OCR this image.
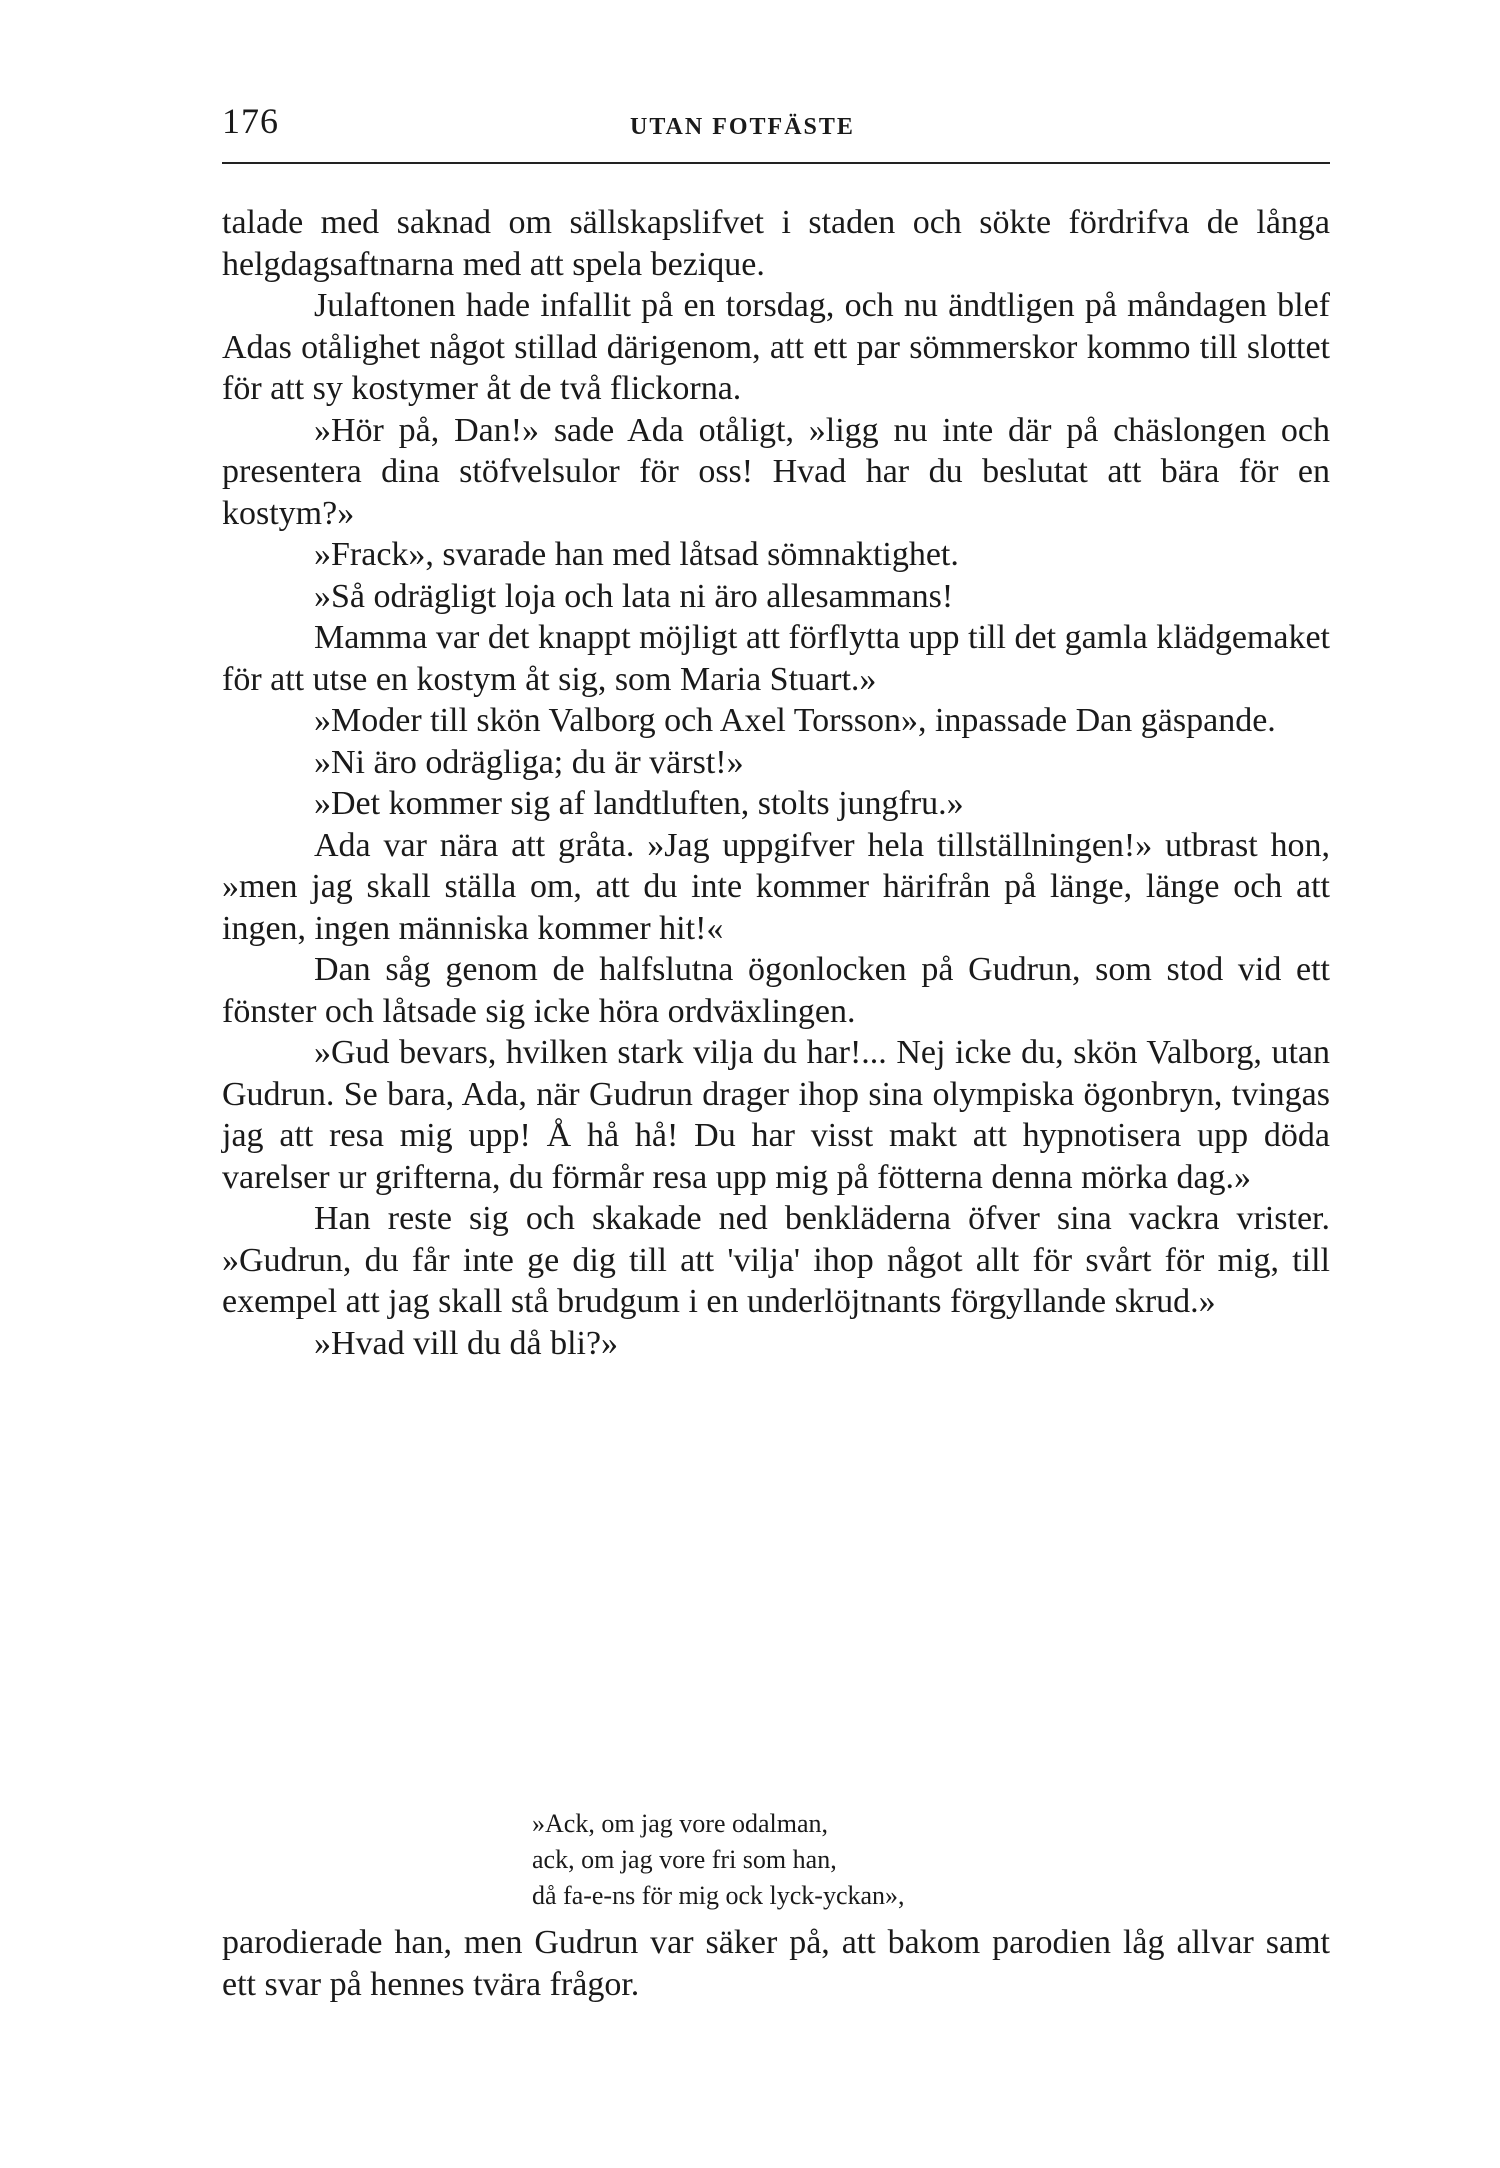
176	UTAN FOTFÄSTE

talade med saknad om sällskapslifvet i staden och sökte fördrifva de långa helgdagsaftnarna med att spela bezique.

Julaftonen hade infallit på en torsdag, och nu ändtligen på måndagen blef Adas otålighet något stillad därigenom, att ett par sömmerskor kommo till slottet för att sy kostymer åt de två flickorna.

»Hör på, Dan!» sade Ada otåligt, »ligg nu inte där på chäslongen och presentera dina stöfvelsulor för oss! Hvad har du beslutat att bära för en kostym?»

»Frack», svarade han med låtsad sömnaktighet.

»Så odrägligt loja och lata ni äro allesammans!

Mamma var det knappt möjligt att förflytta upp till det gamla klädgemaket för att utse en kostym åt sig, som Maria Stuart.»

»Moder till skön Valborg och Axel Torsson», inpassade Dan gäspande.

»Ni äro odrägliga; du är värst!»

»Det kommer sig af landtluften, stolts jungfru.»

Ada var nära att gråta. »Jag uppgifver hela tillställningen!» utbrast hon, »men jag skall ställa om, att du inte kommer härifrån på länge, länge och att ingen, ingen människa kommer hit!«

Dan såg genom de halfslutna ögonlocken på Gudrun, som stod vid ett fönster och låtsade sig icke höra ordväxlingen.

»Gud bevars, hvilken stark vilja du har!... Nej icke du, skön Valborg, utan Gudrun. Se bara, Ada, när Gudrun drager ihop sina olympiska ögonbryn, tvingas jag att resa mig upp! Å hå hå! Du har visst makt att hypnotisera upp döda varelser ur grifterna, du förmår resa upp mig på fötterna denna mörka dag.»

Han reste sig och skakade ned benkläderna öfver sina vackra vrister. »Gudrun, du får inte ge dig till att 'vilja' ihop något allt för svårt för mig, till exempel att jag skall stå brudgum i en underlöjtnants förgyllande skrud.»

»Hvad vill du då bli?»

»Ack, om jag vore odalman,
ack, om jag vore fri som han,
då fa-e-ns för mig ock lyck-yckan»,

parodierade han, men Gudrun var säker på, att bakom parodien låg allvar samt ett svar på hennes tvära frågor.
